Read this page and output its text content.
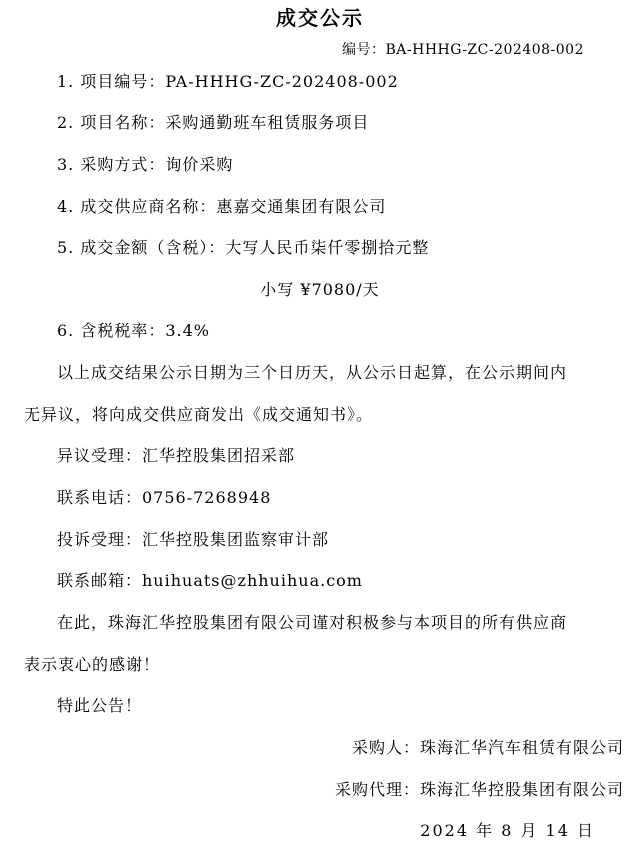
成交公示
编号：BA-HHHG-ZC-202408-002
1. 项目编号：PA-HHHG-ZC-202408-002
2. 项目名称：采购通勤班车租赁服务项目
3. 采购方式：询价采购
4. 成交供应商名称：惠嘉交通集团有限公司
5. 成交金额（含税）：大写人民币柒仟零捌拾元整
小写 ¥7080/天
6. 含税税率：3.4%
以上成交结果公示日期为三个日历天，从公示日起算，在公示期间内
无异议，将向成交供应商发出《成交通知书》。
异议受理：汇华控股集团招采部
联系电话：0756-7268948
投诉受理：汇华控股集团监察审计部
联系邮箱：huihuats@zhhuihua.com
在此，珠海汇华控股集团有限公司谨对积极参与本项目的所有供应商
表示衷心的感谢！
特此公告！
采购人：珠海汇华汽车租赁有限公司
采购代理：珠海汇华控股集团有限公司
2024 年 8 月 14 日
